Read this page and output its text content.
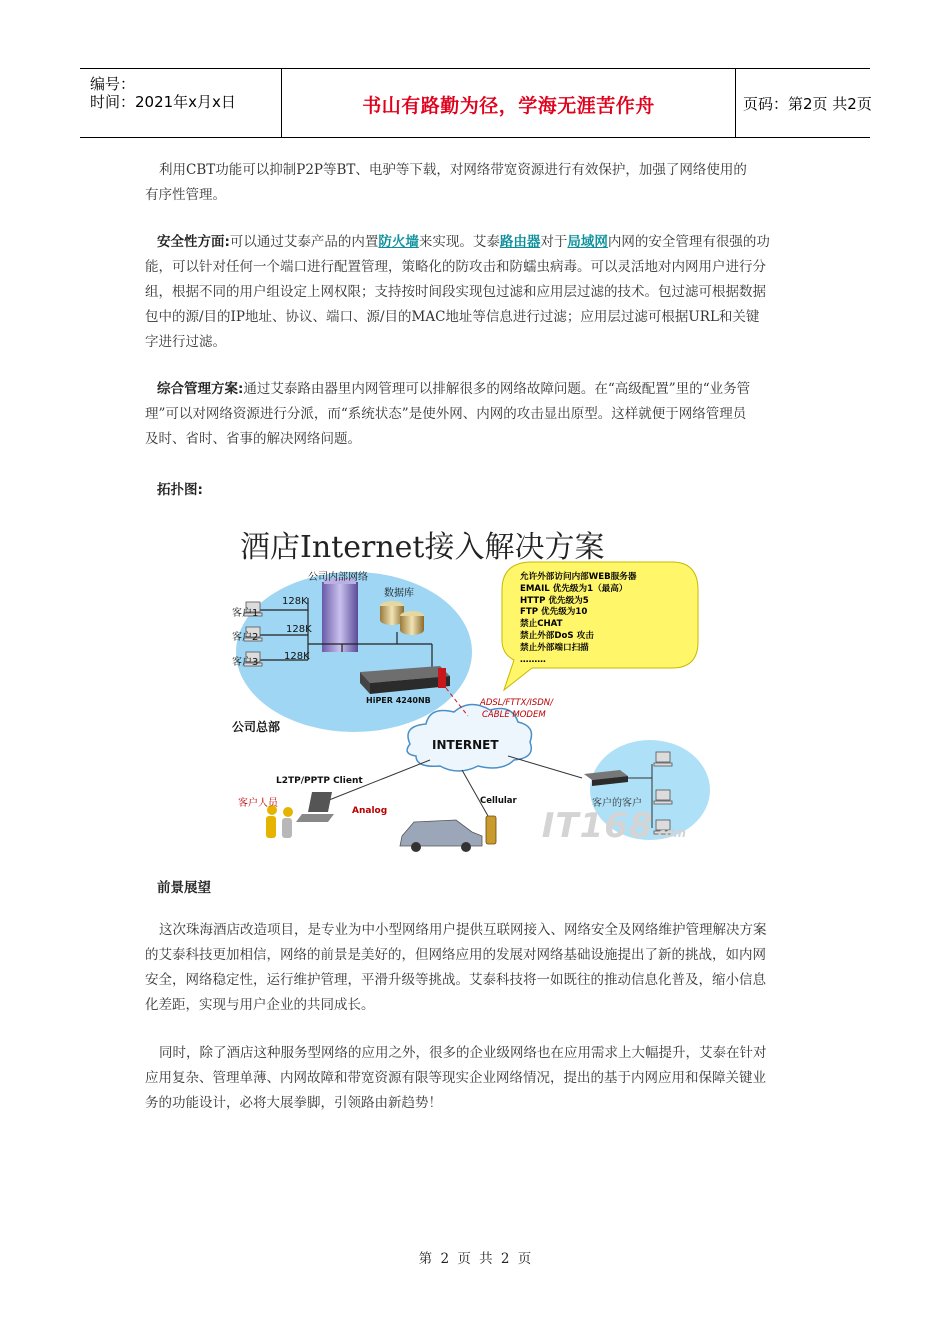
编号：
时间：2021年x月x日	书山有路勤为径，学海无涯苦作舟	页码：第2页 共2页

利用CBT功能可以抑制P2P等BT、电驴等下载，对网络带宽资源进行有效保护，加强了网络使用的
有序性管理。

安全性方面:可以通过艾泰产品的内置防火墙来实现。艾泰路由器对于局域网内网的安全管理有很强的功
能，可以针对任何一个端口进行配置管理，策略化的防攻击和防蠕虫病毒。可以灵活地对内网用户进行分
组，根据不同的用户组设定上网权限；支持按时间段实现包过滤和应用层过滤的技术。包过滤可根据数据
包中的源/目的IP地址、协议、端口、源/目的MAC地址等信息进行过滤；应用层过滤可根据URL和关键
字进行过滤。

综合管理方案:通过艾泰路由器里内网管理可以排解很多的网络故障问题。在“高级配置”里的“业务管
理”可以对网络资源进行分派，而“系统状态”是使外网、内网的攻击显出原型。这样就便于网络管理员
及时、省时、省事的解决网络问题。

拓扑图:
酒店Internet接入解决方案
公司内部网络
数据库
客户1
客户2
客户3
128K
128K
128K
HiPER 4240NB
公司总部
ADSL/FTTX/ISDN/
CABLE MODEM
INTERNET
L2TP/PPTP Client
客户人员
Analog
Cellular	客户的客户
允许外部访问内部WEB服务器
EMAIL 优先级为1（最高）
HTTP 优先级为5
FTP 优先级为10
禁止CHAT
禁止外部DoS 攻击
禁止外部端口扫描
………
IT168.com
前景展望

这次珠海酒店改造项目，是专业为中小型网络用户提供互联网接入、网络安全及网络维护管理解决方案
的艾泰科技更加相信，网络的前景是美好的，但网络应用的发展对网络基础设施提出了新的挑战，如内网
安全，网络稳定性，运行维护管理，平滑升级等挑战。艾泰科技将一如既往的推动信息化普及，缩小信息
化差距，实现与用户企业的共同成长。

同时，除了酒店这种服务型网络的应用之外，很多的企业级网络也在应用需求上大幅提升，艾泰在针对
应用复杂、管理单薄、内网故障和带宽资源有限等现实企业网络情况，提出的基于内网应用和保障关键业
务的功能设计，必将大展拳脚，引领路由新趋势！

第 2 页 共 2 页
